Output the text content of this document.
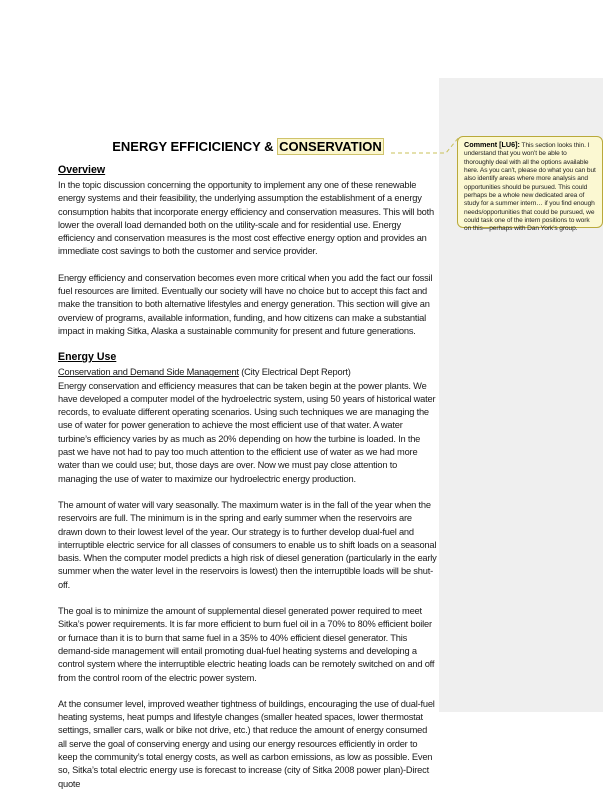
Comment [LU6]: This section looks thin. I understand that you won’t be able to thoroughly deal with all the options available here. As you can’t, please do what you can but also identify areas where more analysis and opportunities should be pursued. This could perhaps be a whole new dedicated area of study for a summer intern… if you find enough needs/opportunities that could be pursued, we could task one of the intern positions to work on this—perhaps with Dan York’s group.
ENERGY EFFICICIENCY & CONSERVATION
Overview

In the topic discussion concerning the opportunity to implement any one of these renewable energy systems and their feasibility, the underlying assumption the establishment of a energy consumption habits that incorporate energy efficiency and conservation measures. This will both lower the overall load demanded both on the utility-scale and for residential use. Energy efficiency and conservation measures is the most cost effective energy option and provides an immediate cost savings to both the customer and service provider.

Energy efficiency and conservation becomes even more critical when you add the fact our fossil fuel resources are limited. Eventually our society will have no choice but to accept this fact and make the transition to both alternative lifestyles and energy generation. This section will give an overview of programs, available information, funding, and how citizens can make a substantial impact in making Sitka, Alaska a sustainable community for present and future generations.

Energy Use
Conservation and Demand Side Management (City Electrical Dept Report)

Energy conservation and efficiency measures that can be taken begin at the power plants. We have developed a computer model of the hydroelectric system, using 50 years of historical water records, to evaluate different operating scenarios. Using such techniques we are managing the use of water for power generation to achieve the most efficient use of that water. A water turbine’s efficiency varies by as much as 20% depending on how the turbine is loaded. In the past we have not had to pay too much attention to the efficient use of water as we had more water than we could use; but, those days are over. Now we must pay close attention to managing the use of water to maximize our hydroelectric energy production.

The amount of water will vary seasonally. The maximum water is in the fall of the year when the reservoirs are full. The minimum is in the spring and early summer when the reservoirs are drawn down to their lowest level of the year. Our strategy is to further develop dual-fuel and interruptible electric service for all classes of consumers to enable us to shift loads on a seasonal basis. When the computer model predicts a high risk of diesel generation (particularly in the early summer when the water level in the reservoirs is lowest) then the interruptible loads will be shut-off.

The goal is to minimize the amount of supplemental diesel generated power required to meet Sitka’s power requirements. It is far more efficient to burn fuel oil in a 70% to 80% efficient boiler or furnace than it is to burn that same fuel in a 35% to 40% efficient diesel generator. This demand-side management will entail promoting dual-fuel heating systems and developing a control system where the interruptible electric heating loads can be remotely switched on and off from the control room of the electric power system.

At the consumer level, improved weather tightness of buildings, encouraging the use of dual-fuel heating systems, heat pumps and lifestyle changes (smaller heated spaces, lower thermostat settings, smaller cars, walk or bike not drive, etc.) that reduce the amount of energy consumed all serve the goal of conserving energy and using our energy resources efficiently in order to keep the community’s total energy costs, as well as carbon emissions, as low as possible. Even so, Sitka’s total electric energy use is forecast to increase (city of Sitka 2008 power plan)-Direct quote
